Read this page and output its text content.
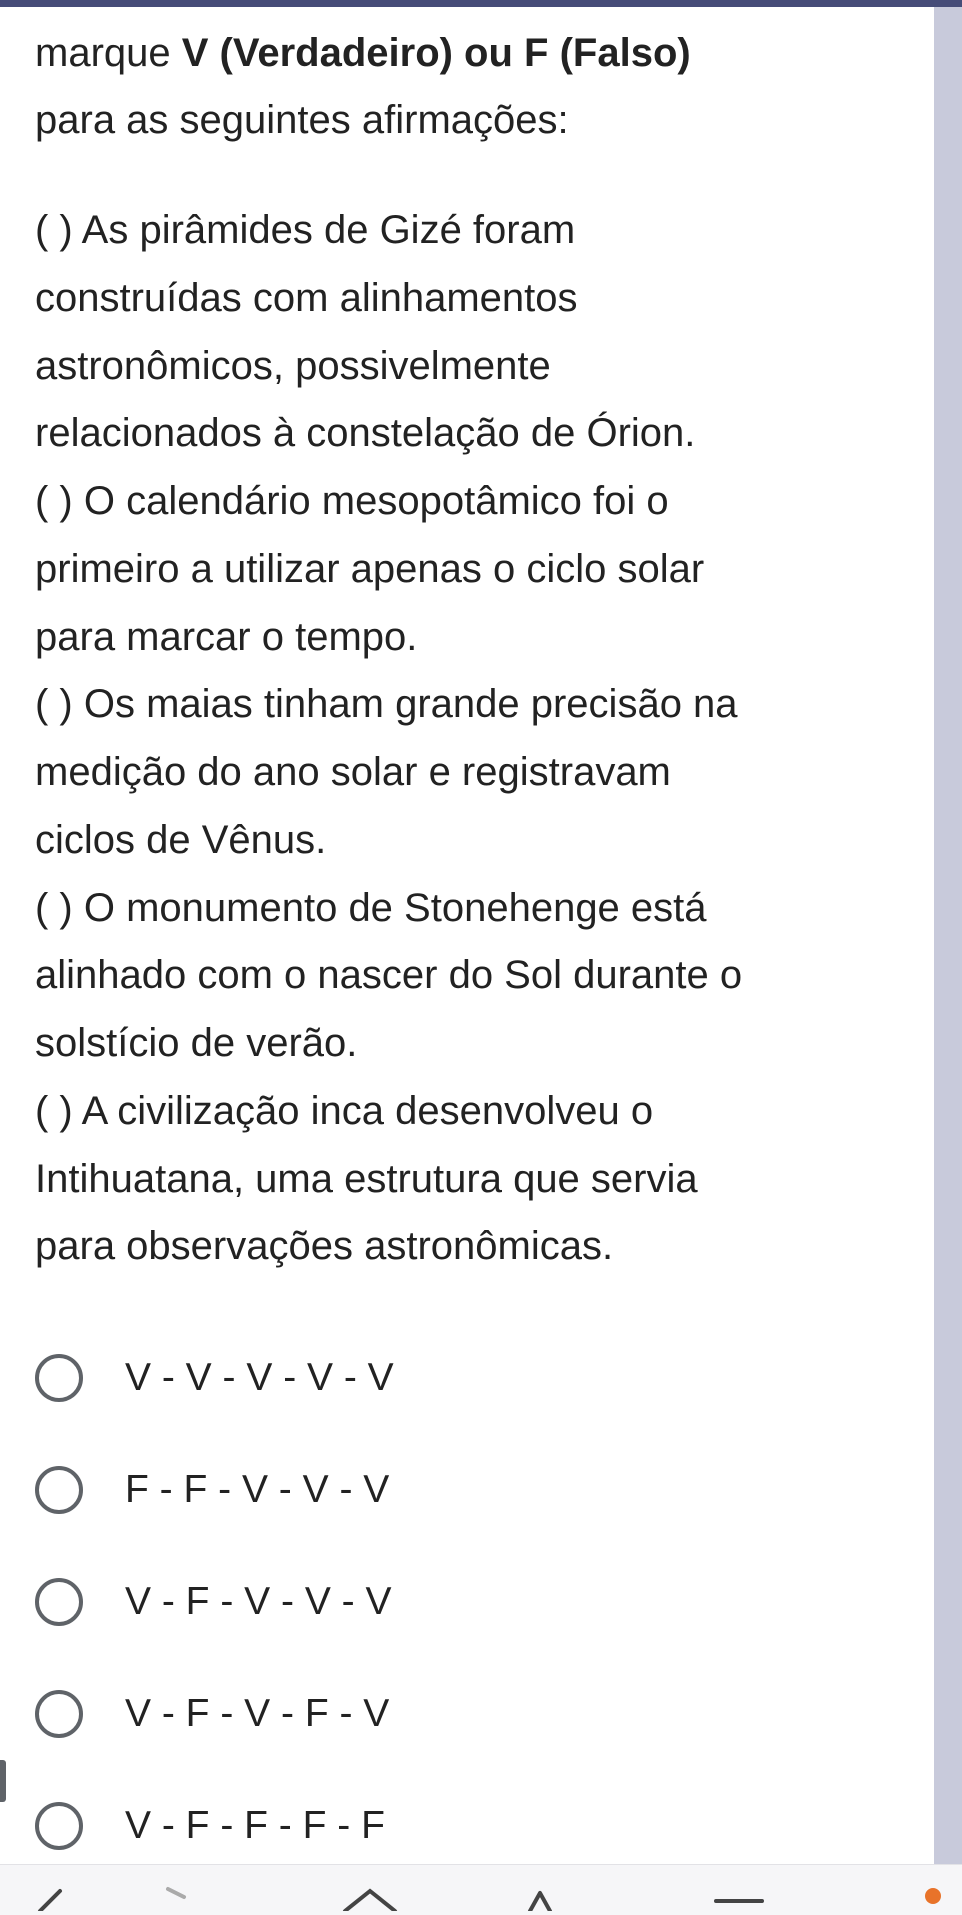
marque V (Verdadeiro) ou F (Falso)
para as seguintes afirmações:
( ) As pirâmides de Gizé foram
construídas com alinhamentos
astronômicos, possivelmente
relacionados à constelação de Órion.
( ) O calendário mesopotâmico foi o
primeiro a utilizar apenas o ciclo solar
para marcar o tempo.
( ) Os maias tinham grande precisão na
medição do ano solar e registravam
ciclos de Vênus.
( ) O monumento de Stonehenge está
alinhado com o nascer do Sol durante o
solstício de verão.
( ) A civilização inca desenvolveu o
Intihuatana, uma estrutura que servia
para observações astronômicas.
V - V - V - V - V
F - F - V - V - V
V - F - V - V - V
V - F - V - F - V
V - F - F - F - F
